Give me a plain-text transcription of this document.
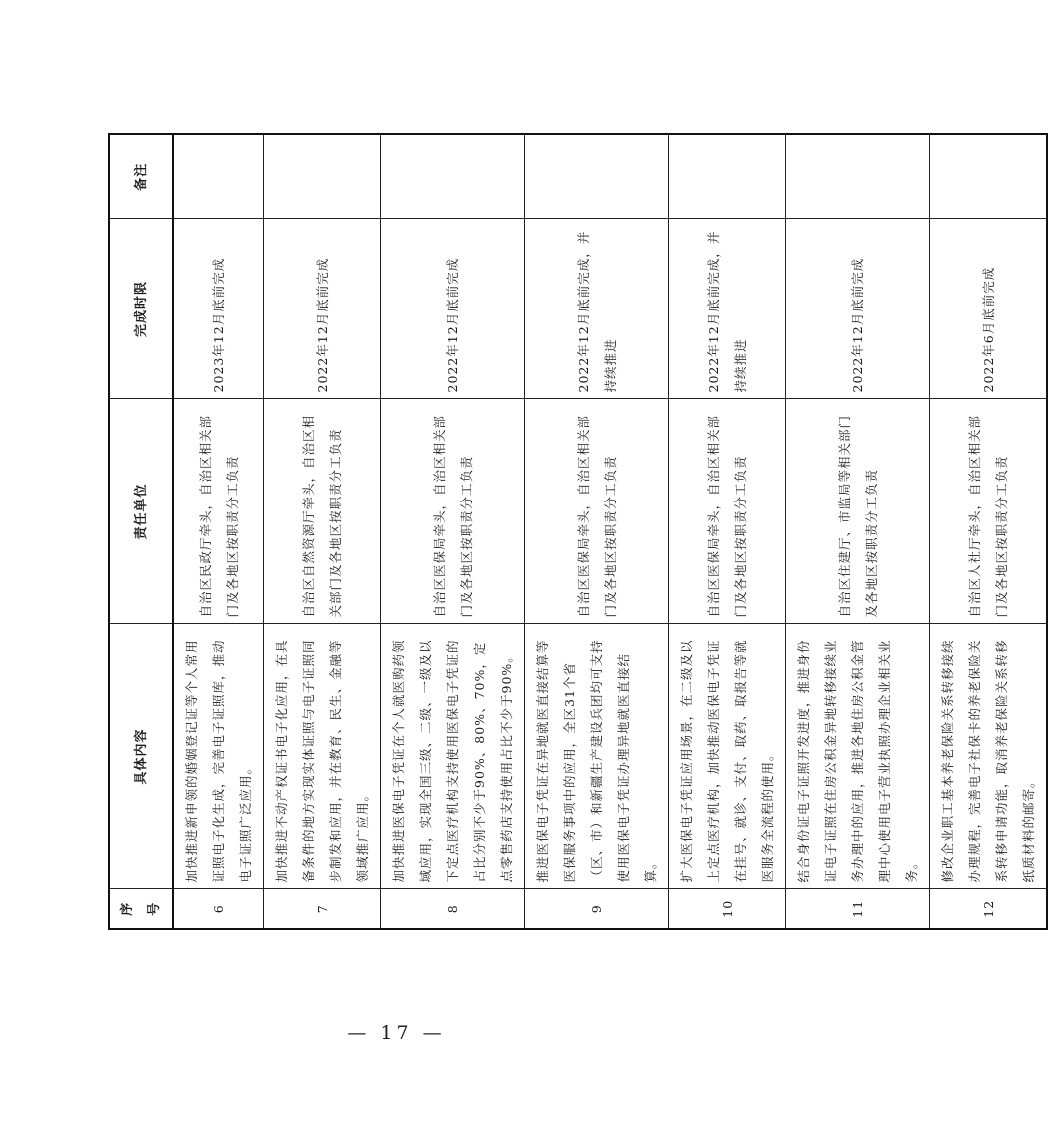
序号	具体内容	责任单位	完成时限	备注
6	加快推进新申领的婚姻登记证等个人常用证照电子化生成，完善电子证照库，推动电子证照广泛应用。	自治区民政厅牵头，自治区相关部门及各地区按职责分工负责	2023年12月底前完成	
7	加快推进不动产权证书电子化应用，在具备条件的地方实现实体证照与电子证照同步制发和应用，并在教育、民生、金融等领域推广应用。	自治区自然资源厅牵头，自治区相关部门及各地区按职责分工负责	2022年12月底前完成	
8	加快推进医保电子凭证在个人就医购药领域应用，实现全国三级、二级、一级及以下定点医疗机构支持使用医保电子凭证的占比分别不少于90%、80%、70%，定点零售药店支持使用占比不少于90%。	自治区医保局牵头，自治区相关部门及各地区按职责分工负责	2022年12月底前完成	
9	推进医保电子凭证在异地就医直接结算等医保服务事项中的应用，全区31个省（区、市）和新疆生产建设兵团均可支持使用医保电子凭证办理异地就医直接结算。	自治区医保局牵头，自治区相关部门及各地区按职责分工负责	2022年12月底前完成，并持续推进	
10	扩大医保电子凭证应用场景，在二级及以上定点医疗机构，加快推动医保电子凭证在挂号、就诊、支付、取药、取报告等就医服务全流程的使用。	自治区医保局牵头，自治区相关部门及各地区按职责分工负责	2022年12月底前完成，并持续推进	
11	结合身份证电子证照开发进度，推进身份证电子证照在住房公积金异地转移接续业务办理中的应用，推进各地住房公积金管理中心使用电子营业执照办理企业相关业务。	自治区住建厅、市监局等相关部门及各地区按职责分工负责	2022年12月底前完成	
12	修改企业职工基本养老保险关系转移接续办理规程，完善电子社保卡的养老保险关系转移申请功能，取消养老保险关系转移纸质材料的邮寄。	自治区人社厅牵头，自治区相关部门及各地区按职责分工负责	2022年6月底前完成	
— 17 —
